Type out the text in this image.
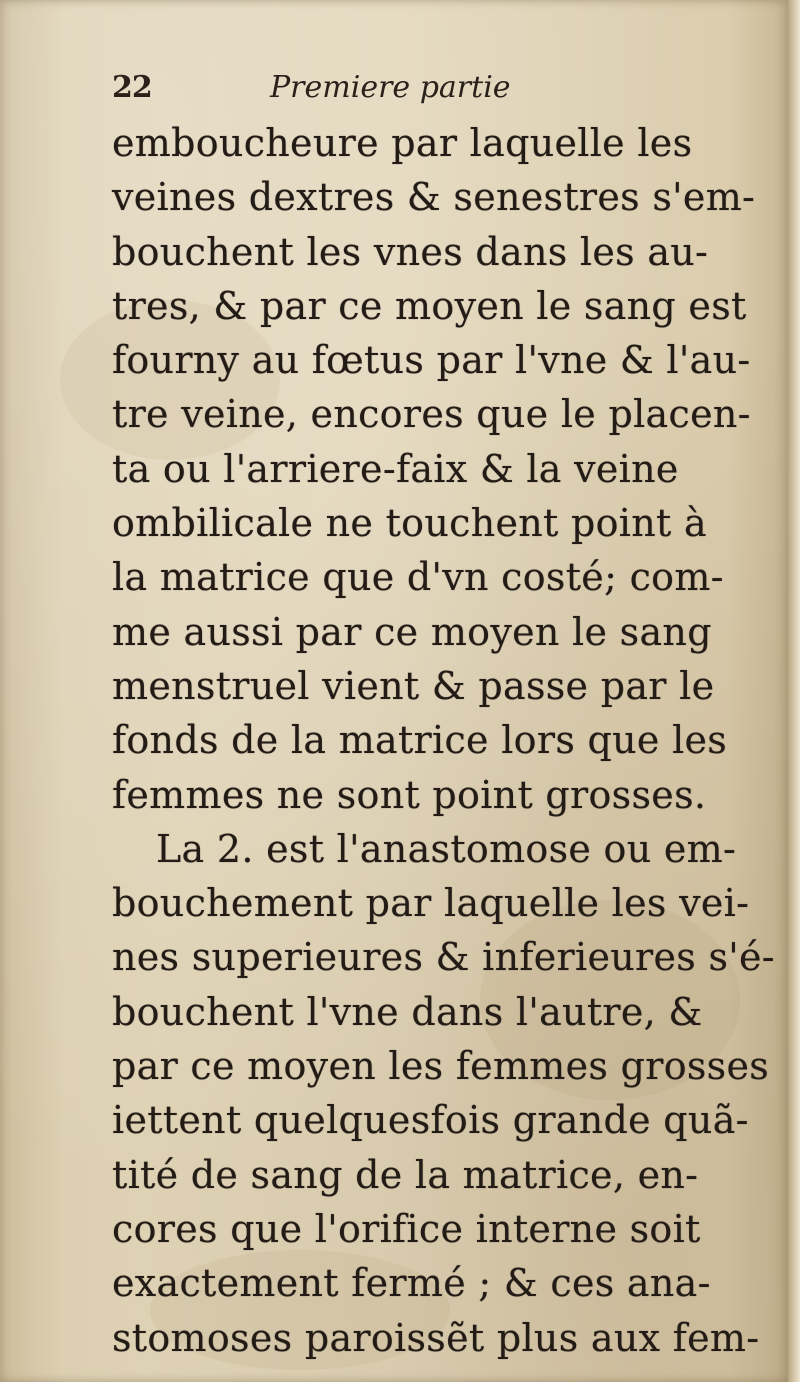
22	Premiere partie
emboucheure par laquelle les
veines dextres & senestres s'em-
bouchent les vnes dans les au-
tres, & par ce moyen le sang est
fourny au fœtus par l'vne & l'au-
tre veine, encores que le placen-
ta ou l'arriere-faix & la veine
ombilicale ne touchent point à
la matrice que d'vn costé; com-
me aussi par ce moyen le sang
menstruel vient & passe par le
fonds de la matrice lors que les
femmes ne sont point grosses.
La 2. est l'anastomose ou em-
bouchement par laquelle les vei-
nes superieures & inferieures s'é-
bouchent l'vne dans l'autre, &
par ce moyen les femmes grosses
iettent quelquesfois grande quã-
tité de sang de la matrice, en-
cores que l'orifice interne soit
exactement fermé ; & ces ana-
stomoses paroissẽt plus aux fem-
